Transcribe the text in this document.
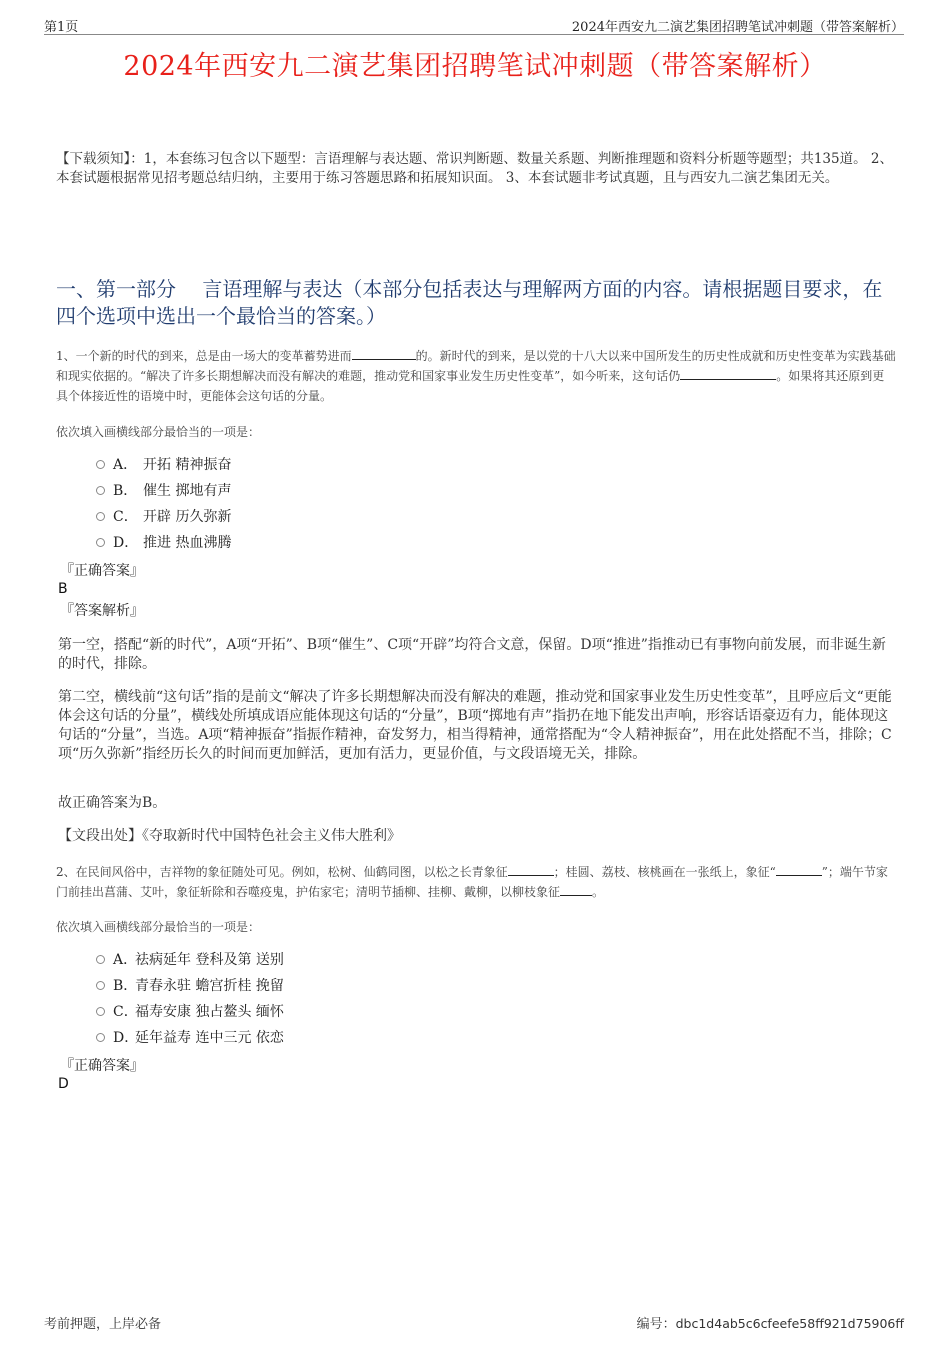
第1页	2024年西安九二演艺集团招聘笔试冲刺题（带答案解析）
2024年西安九二演艺集团招聘笔试冲刺题（带答案解析）
【下载须知】：1，本套练习包含以下题型：言语理解与表达题、常识判断题、数量关系题、判断推理题和资料分析题等题型；共135道。 2、本套试题根据常见招考题总结归纳，主要用于练习答题思路和拓展知识面。 3、本套试题非考试真题，且与西安九二演艺集团无关。
一、第一部分　 言语理解与表达（本部分包括表达与理解两方面的内容。请根据题目要求，在四个选项中选出一个最恰当的答案。）
1、一个新的时代的到来，总是由一场大的变革蓄势进而	的。新时代的到来，是以党的十八大以来中国所发生的历史性成就和历史性变革为实践基础和现实依据的。“解决了许多长期想解决而没有解决的难题，推动党和国家事业发生历史性变革”，如今听来，这句话仍	。如果将其还原到更具个体接近性的语境中时，更能体会这句话的分量。
依次填入画横线部分最恰当的一项是：
A． 开拓 精神振奋
B． 催生 掷地有声
C． 开辟 历久弥新
D． 推进 热血沸腾
『正确答案』
B
『答案解析』
第一空，搭配“新的时代”，A项“开拓”、B项“催生”、C项“开辟”均符合文意，保留。D项“推进”指推动已有事物向前发展，而非诞生新的时代，排除。
第二空，横线前“这句话”指的是前文“解决了许多长期想解决而没有解决的难题，推动党和国家事业发生历史性变革”，且呼应后文“更能体会这句话的分量”，横线处所填成语应能体现这句话的“分量”，B项“掷地有声”指扔在地下能发出声响，形容话语豪迈有力，能体现这句话的“分量”，当选。A项“精神振奋”指振作精神，奋发努力，相当得精神，通常搭配为“令人精神振奋”，用在此处搭配不当，排除；C项“历久弥新”指经历长久的时间而更加鲜活，更加有活力，更显价值，与文段语境无关，排除。
故正确答案为B。
【文段出处】《夺取新时代中国特色社会主义伟大胜利》
2、在民间风俗中，吉祥物的象征随处可见。例如，松树、仙鹤同图，以松之长青象征	；桂圆、荔枝、核桃画在一张纸上，象征“	”；端午节家门前挂出菖蒲、艾叶，象征斩除和吞噬疫鬼，护佑家宅；清明节插柳、挂柳、戴柳，以柳枝象征	。
依次填入画横线部分最恰当的一项是：
A．祛病延年 登科及第 送别
B．青春永驻 蟾宫折桂 挽留
C．福寿安康 独占鳌头 缅怀
D．延年益寿 连中三元 依恋
『正确答案』
D
考前押题，上岸必备	编号：dbc1d4ab5c6cfeefe58ff921d75906ff
